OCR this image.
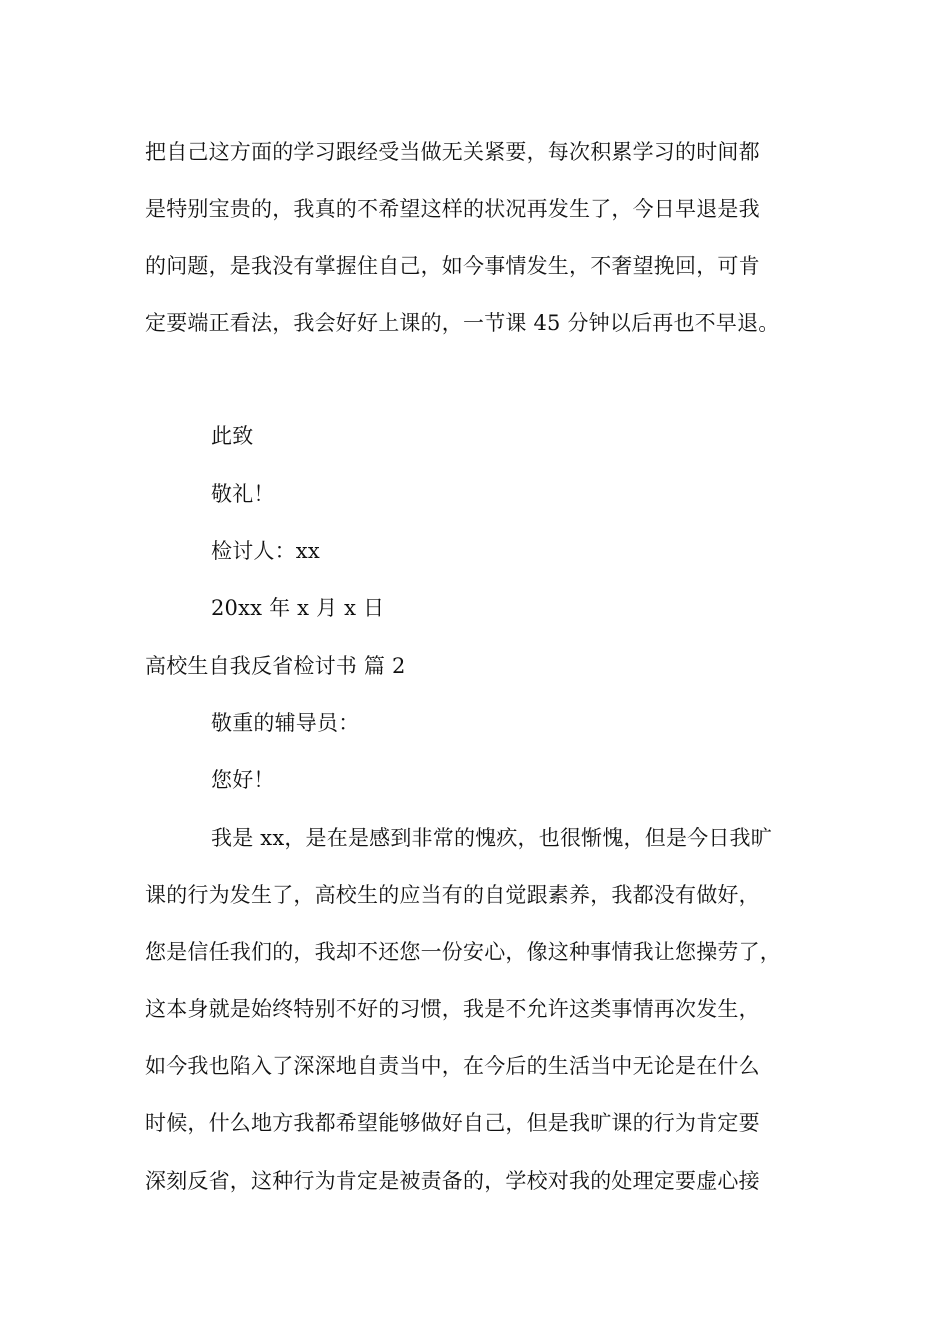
把自己这方面的学习跟经受当做无关紧要，每次积累学习的时间都
是特别宝贵的，我真的不希望这样的状况再发生了，今日早退是我
的问题，是我没有掌握住自己，如今事情发生，不奢望挽回，可肯
定要端正看法，我会好好上课的，一节课 45 分钟以后再也不早退。
此致
敬礼！
检讨人：xx
20xx 年 x 月 x 日
高校生自我反省检讨书 篇 2
敬重的辅导员：
您好！
我是 xx，是在是感到非常的愧疚，也很惭愧，但是今日我旷
课的行为发生了，高校生的应当有的自觉跟素养，我都没有做好，
您是信任我们的，我却不还您一份安心，像这种事情我让您操劳了，
这本身就是始终特别不好的习惯，我是不允许这类事情再次发生，
如今我也陷入了深深地自责当中，在今后的生活当中无论是在什么
时候，什么地方我都希望能够做好自己，但是我旷课的行为肯定要
深刻反省，这种行为肯定是被责备的，学校对我的处理定要虚心接
